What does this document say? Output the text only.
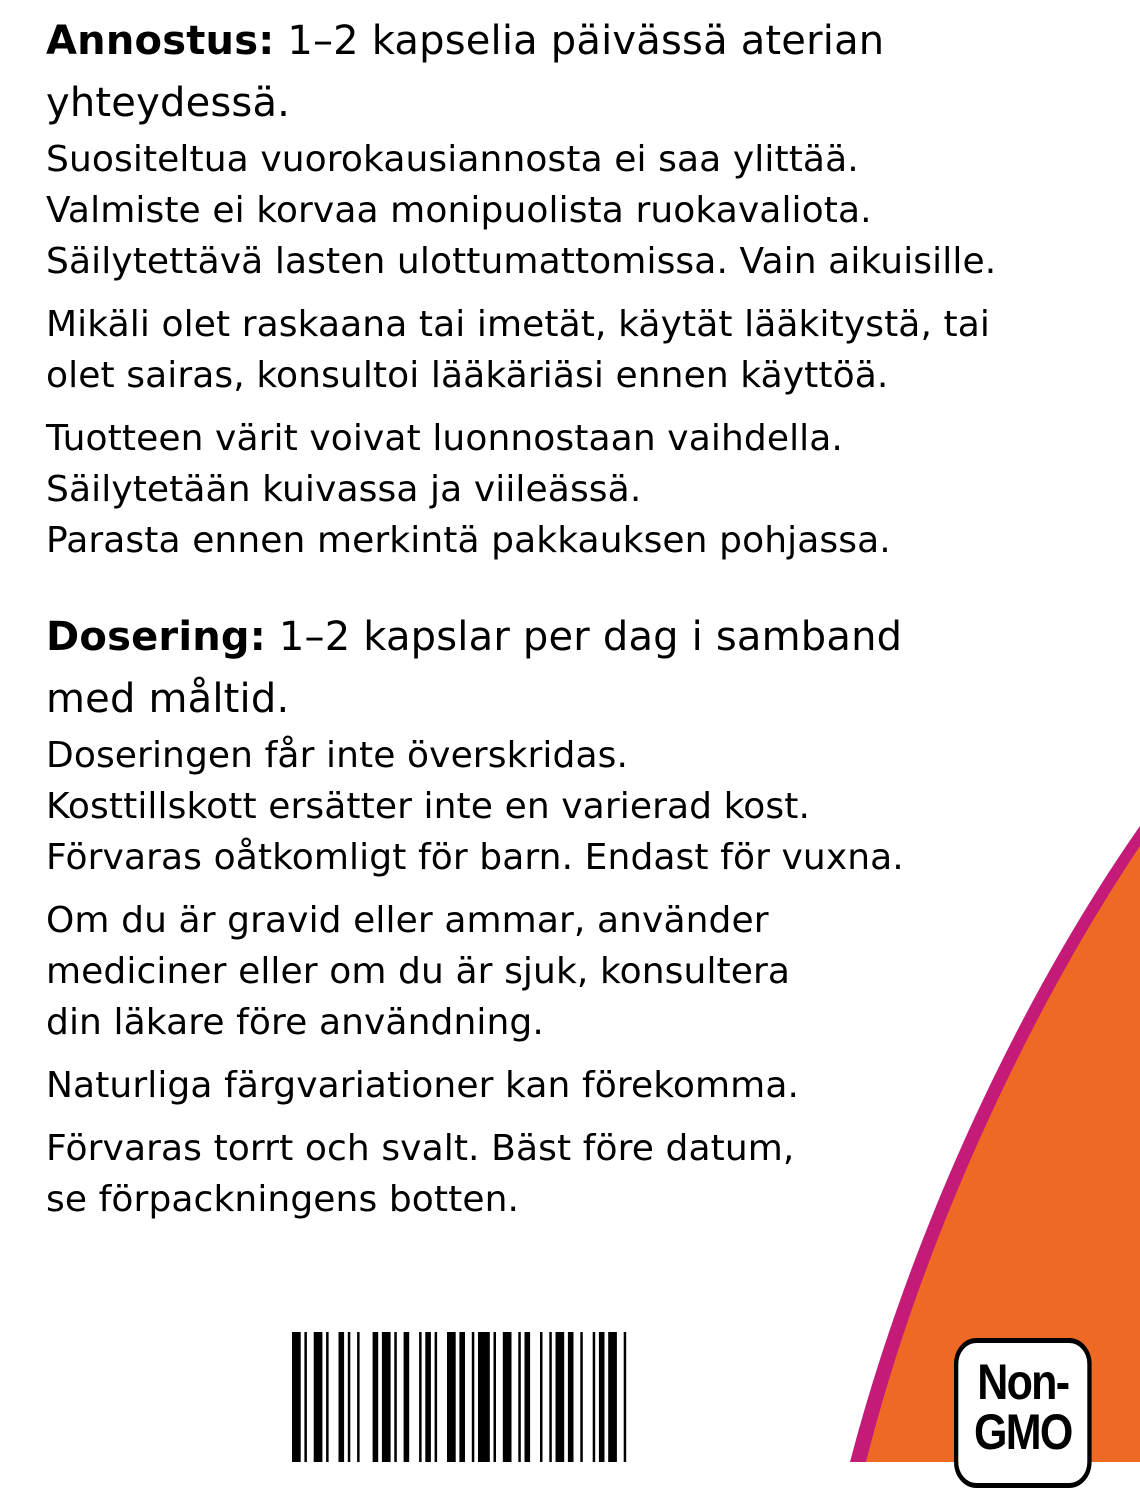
Annostus: 1–2 kapselia päivässä aterian
yhteydessä.

Suositeltua vuorokausiannosta ei saa ylittää.
Valmiste ei korvaa monipuolista ruokavaliota.
Säilytettävä lasten ulottumattomissa. Vain aikuisille.

Mikäli olet raskaana tai imetät, käytät lääkitystä, tai
olet sairas, konsultoi lääkäriäsi ennen käyttöä.

Tuotteen värit voivat luonnostaan vaihdella.
Säilytetään kuivassa ja viileässä.
Parasta ennen merkintä pakkauksen pohjassa.

Dosering: 1–2 kapslar per dag i samband
med måltid.

Doseringen får inte överskridas.
Kosttillskott ersätter inte en varierad kost.
Förvaras oåtkomligt för barn. Endast för vuxna.

Om du är gravid eller ammar, använder
mediciner eller om du är sjuk, konsultera
din läkare före användning.

Naturliga färgvariationer kan förekomma.

Förvaras torrt och svalt. Bäst före datum,
se förpackningens botten.

Non-
GMO
